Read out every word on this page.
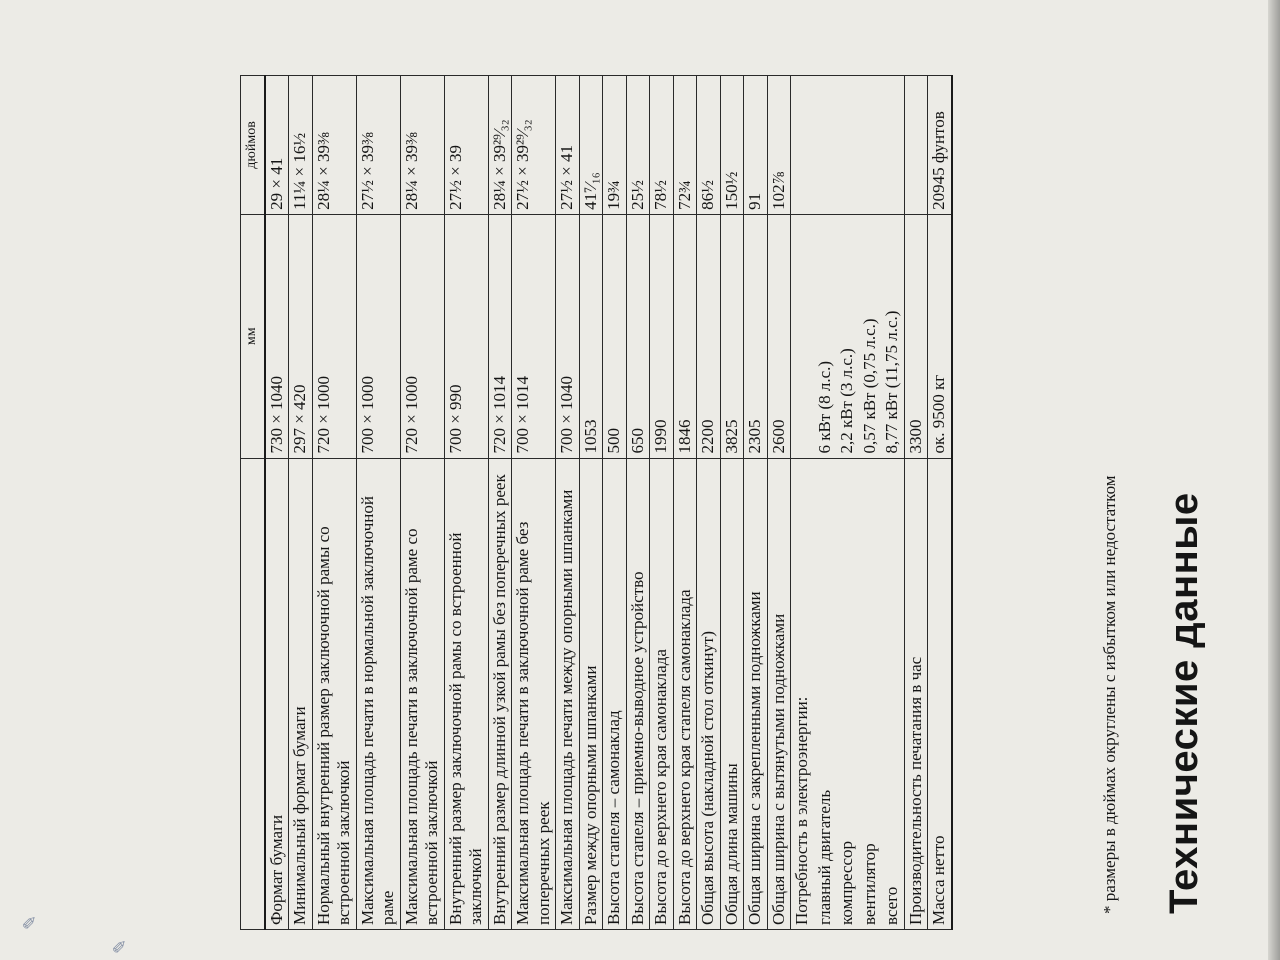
Технические данные
	мм	дюймов
Формат бумаги	730 × 1040	29 × 41
Минимальный формат бумаги	297 × 420	11¼ × 16½
Нормальный внутренний размер заключочной рамы со встроенной заключкой	720 × 1000	28¼ × 39⅜
Максимальная площадь печати в нормальной заключочной раме	700 × 1000	27½ × 39⅜
Максимальная площадь печати в заключочной раме со встроенной заключкой	720 × 1000	28¼ × 39⅜
Внутренний размер заключочной рамы со встроенной заключкой	700 × 990	27½ × 39
Внутренний размер длинной узкой рамы без поперечных реек	720 × 1014	28¼ × 39²⁹⁄₃₂
Максимальная площадь печати в заключочной раме без поперечных реек	700 × 1014	27½ × 39²⁹⁄₃₂
Максимальная площадь печати между опорными шпанками	700 × 1040	27½ × 41
Размер между опорными шпанками	1053	41⁷⁄₁₆
Высота стапеля – самонаклад	500	19¾
Высота стапеля – приемно-выводное устройство	650	25½
Высота до верхнего края самонаклада	1990	78½
Высота до верхнего края стапеля самонаклада	1846	72¾
Общая высота (накладной стол откинут)	2200	86½
Общая длина машины	3825	150½
Общая ширина с закрепленными подножками	2305	91
Общая ширина с вытянутыми подножками	2600	102⅞
Потребность в электроэнергии:		
главный двигатель	6 кВт (8 л.с.)	
компрессор	2,2 кВт (3 л.с.)	
вентилятор	0,57 кВт (0,75 л.с.)	
всего	8,77 кВт (11,75 л.с.)	
Производительность печатания в час	3300	
Масса нетто	ок. 9500 кг	20945 фунтов

* размеры в дюймах округлены с избытком или недостатком

✎
✎
